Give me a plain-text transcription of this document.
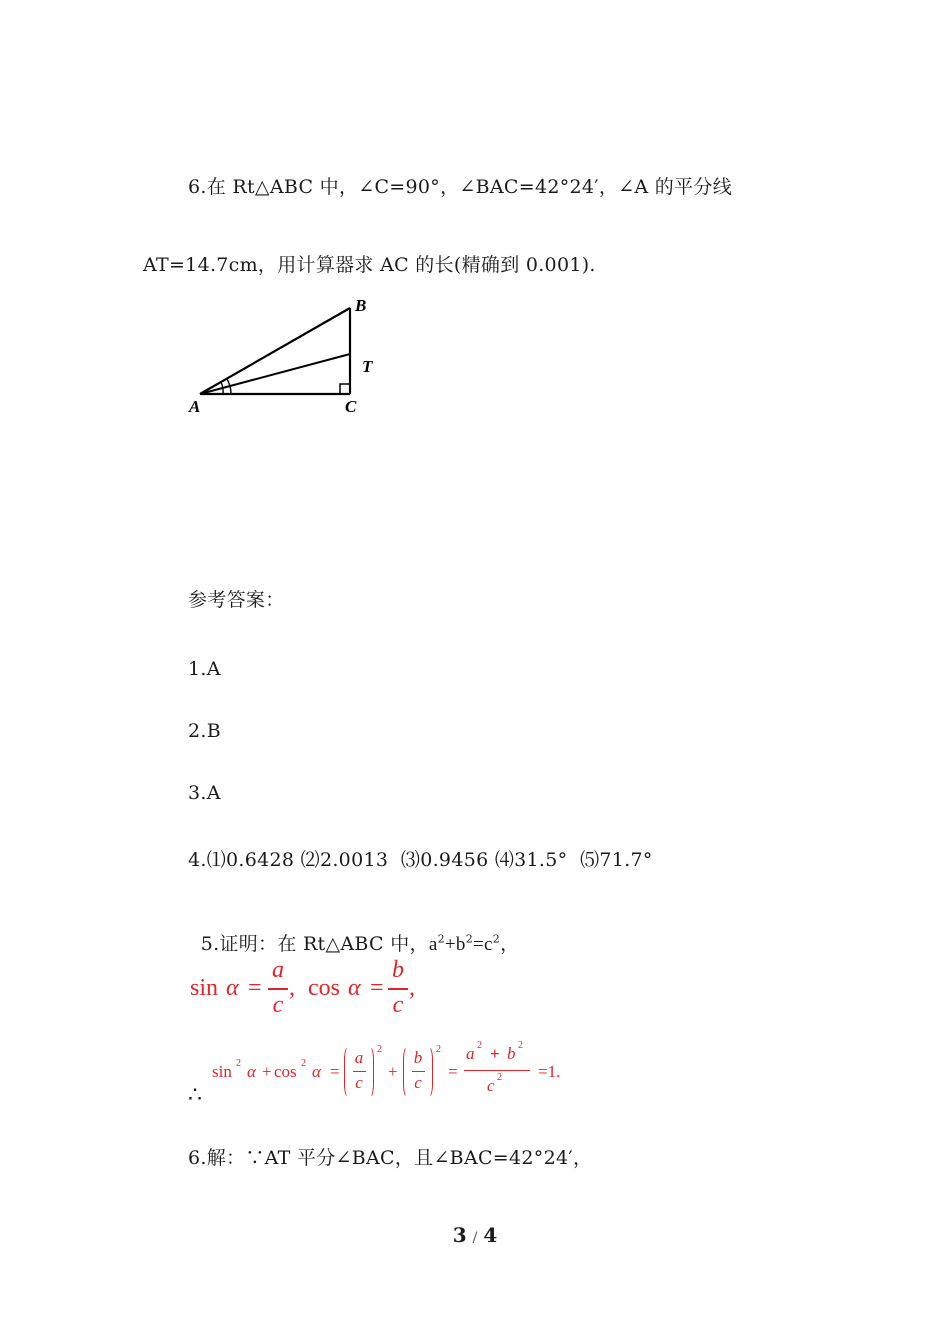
6.在 Rt△ABC 中，∠C=90°，∠BAC=42°24′，∠A 的平分线
AT=14.7cm，用计算器求 AC 的长(精确到 0.001).
A	C
B
T
参考答案：
1.A
2.B
3.A
4.⑴0.6428 ⑵2.0013  ⑶0.9456 ⑷31.5°  ⑸71.7°

5.证明：在 Rt△ABC 中，$a^2+b^2=c^2$，

sin α =
a
c
, cos α =
b
c
,
∴
sin 2 α + cos 2 α =
a
c
2
+
b
c
2
=
a 2 + b 2
c 2 =1.
6.解：∵AT 平分∠BAC，且∠BAC=42°24′，
3 / 4
